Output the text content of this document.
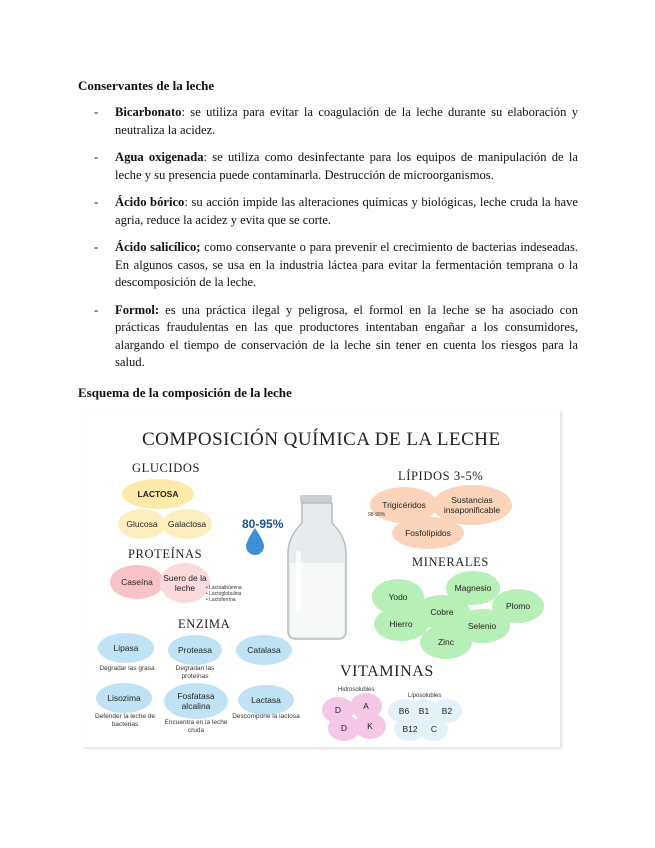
Conservantes de la leche
- Bicarbonato: se utiliza para evitar la coagulación de la leche durante su elaboración y neutraliza la acidez.
- Agua oxigenada: se utiliza como desinfectante para los equipos de manipulación de la leche y su presencia puede contaminarla. Destrucción de microorganismos.
- Ácido bórico: su acción impide las alteraciones químicas y biológicas, leche cruda la have agria, reduce la acidez y evita que se corte.
- Ácido salicílico; como conservante o para prevenir el crecimiento de bacterias indeseadas. En algunos casos, se usa en la industria láctea para evitar la fermentación temprana o la descomposición de la leche.
- Formol: es una práctica ilegal y peligrosa, el formol en la leche se ha asociado con prácticas fraudulentas en las que productores intentaban engañar a los consumidores, alargando el tiempo de conservación de la leche sin tener en cuenta los riesgos para la salud.
Esquema de la composición de la leche
COMPOSICIÓN QUÍMICA DE LA LECHE
GLUCIDOS
LACTOSA
Glucosa	Galactosa	80-95%
PROTEÍNAS
Caseína	Suero de la leche	• Lactoalbúmina
• Lactoglobulina
• Lactoferrina
ENZIMA
Lipasa
Degradar las grasa
Proteasa
Degradan las proteínas
Catalasa
Lisozima
Defender la leche de bacterias
Fosfatasa alcalina
Encuentra en la leche cruda
Lactasa
Descompone la lactosa
LÍPIDOS 3-5%
Trigicéridos
98-99%
Sustancias insaponificable
Fosfolípidos
MINERALES
Yodo
Magnesio
Cobre
Plomo
Hierro	Selenio
Zinc
VITAMINAS
Hidrosolubles
Liposolubles
D	A
D	K
B6	B1	B2
B12	C
